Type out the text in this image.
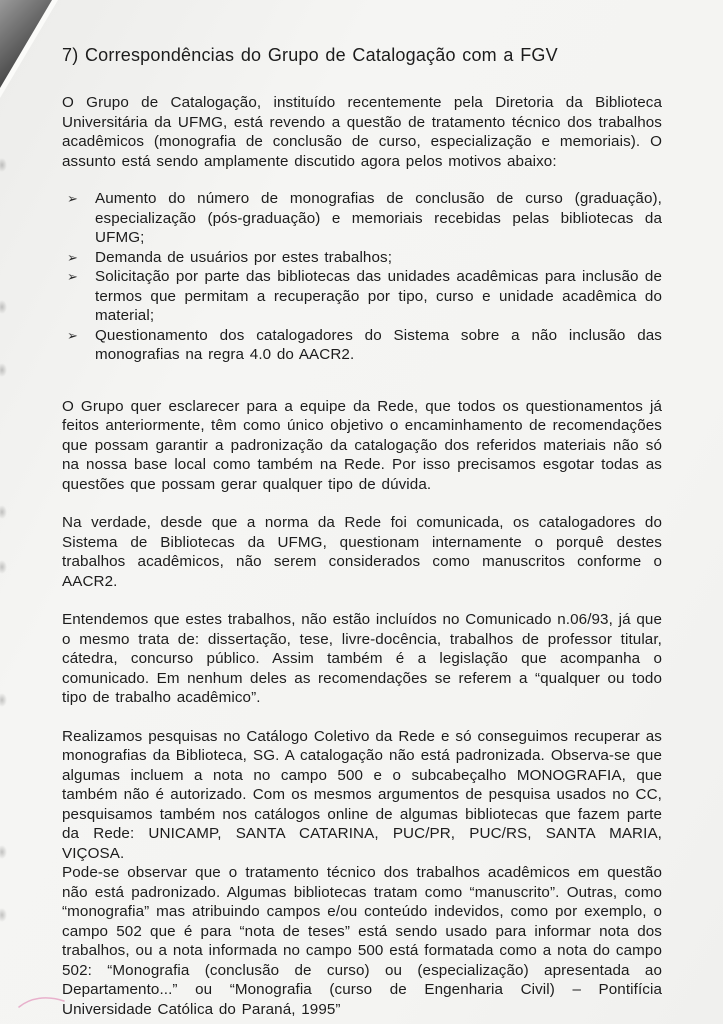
7) Correspondências do Grupo de Catalogação com a FGV

O Grupo de Catalogação, instituído recentemente pela Diretoria da Biblioteca Universitária da UFMG, está revendo a questão de tratamento técnico dos trabalhos acadêmicos (monografia de conclusão de curso, especialização e memoriais). O assunto está sendo amplamente discutido agora pelos motivos abaixo:

➢ Aumento do número de monografias de conclusão de curso (graduação), especialização (pós-graduação) e memoriais recebidas pelas bibliotecas da UFMG;
➢ Demanda de usuários por estes trabalhos;
➢ Solicitação por parte das bibliotecas das unidades acadêmicas para inclusão de termos que permitam a recuperação por tipo, curso e unidade acadêmica do material;
➢ Questionamento dos catalogadores do Sistema sobre a não inclusão das monografias na regra 4.0 do AACR2.

O Grupo quer esclarecer para a equipe da Rede, que todos os questionamentos já feitos anteriormente, têm como único objetivo o encaminhamento de recomendações que possam garantir a padronização da catalogação dos referidos materiais não só na nossa base local como também na Rede. Por isso precisamos esgotar todas as questões que possam gerar qualquer tipo de dúvida.

Na verdade, desde que a norma da Rede foi comunicada, os catalogadores do Sistema de Bibliotecas da UFMG, questionam internamente o porquê destes trabalhos acadêmicos, não serem considerados como manuscritos conforme o AACR2.

Entendemos que estes trabalhos, não estão incluídos no Comunicado n.06/93, já que o mesmo trata de: dissertação, tese, livre-docência, trabalhos de professor titular, cátedra, concurso público. Assim também é a legislação que acompanha o comunicado. Em nenhum deles as recomendações se referem a “qualquer ou todo tipo de trabalho acadêmico”.

Realizamos pesquisas no Catálogo Coletivo da Rede e só conseguimos recuperar as monografias da Biblioteca, SG. A catalogação não está padronizada. Observa-se que algumas incluem a nota no campo 500 e o subcabeçalho MONOGRAFIA, que também não é autorizado. Com os mesmos argumentos de pesquisa usados no CC, pesquisamos também nos catálogos online de algumas bibliotecas que fazem parte da Rede: UNICAMP, SANTA CATARINA, PUC/PR, PUC/RS, SANTA MARIA, VIÇOSA.

Pode-se observar que o tratamento técnico dos trabalhos acadêmicos em questão não está padronizado. Algumas bibliotecas tratam como “manuscrito”. Outras, como “monografia” mas atribuindo campos e/ou conteúdo indevidos, como por exemplo, o campo 502 que é para “nota de teses” está sendo usado para informar nota dos trabalhos, ou a nota informada no campo 500 está formatada como a nota do campo 502: “Monografia (conclusão de curso) ou (especialização) apresentada ao Departamento...” ou “Monografia (curso de Engenharia Civil) – Pontifícia Universidade Católica do Paraná, 1995”
